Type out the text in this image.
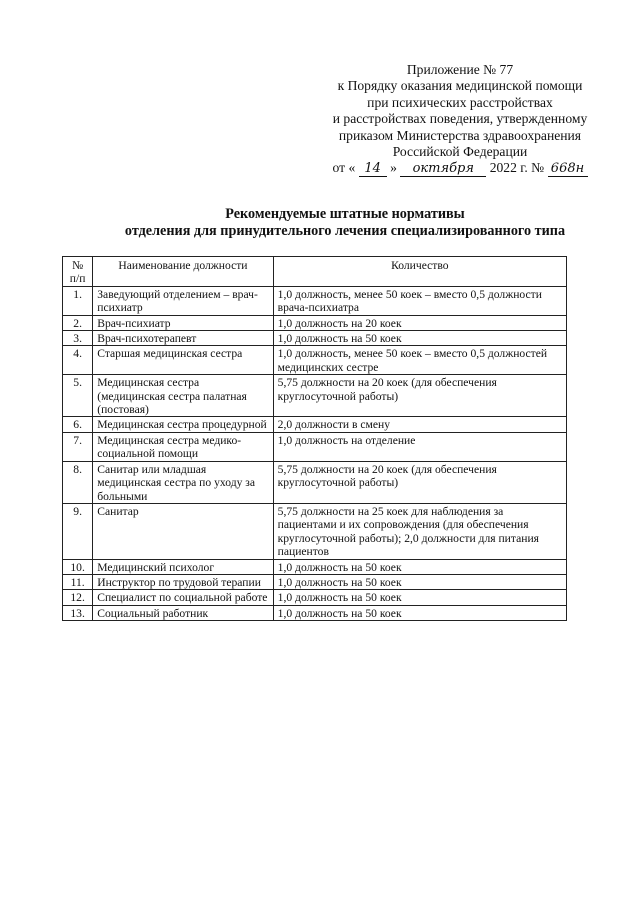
Приложение № 77
к Порядку оказания медицинской помощи
при психических расстройствах
и расстройствах поведения, утвержденному
приказом Министерства здравоохранения
Российской Федерации
от « 14 » октября 2022 г. № 668н
Рекомендуемые штатные нормативы
отделения для принудительного лечения специализированного типа
№ п/п	Наименование должности	Количество
1.	Заведующий отделением – врач-психиатр	1,0 должность, менее 50 коек – вместо 0,5 должности врача-психиатра
2.	Врач-психиатр	1,0 должность на 20 коек
3.	Врач-психотерапевт	1,0 должность на 50 коек
4.	Старшая медицинская сестра	1,0 должность, менее 50 коек – вместо 0,5 должностей медицинских сестре
5.	Медицинская сестра (медицинская сестра палатная (постовая)	5,75 должности на 20 коек (для обеспечения круглосуточной работы)
6.	Медицинская сестра процедурной	2,0 должности в смену
7.	Медицинская сестра медико-социальной помощи	1,0 должность на отделение
8.	Санитар или младшая медицинская сестра по уходу за больными	5,75 должности на 20 коек (для обеспечения круглосуточной работы)
9.	Санитар	5,75 должности на 25 коек для наблюдения за пациентами и их сопровождения (для обеспечения круглосуточной работы); 2,0 должности для питания пациентов
10.	Медицинский психолог	1,0 должность на 50 коек
11.	Инструктор по трудовой терапии	1,0 должность на 50 коек
12.	Специалист по социальной работе	1,0 должность на 50 коек
13.	Социальный работник	1,0 должность на 50 коек
